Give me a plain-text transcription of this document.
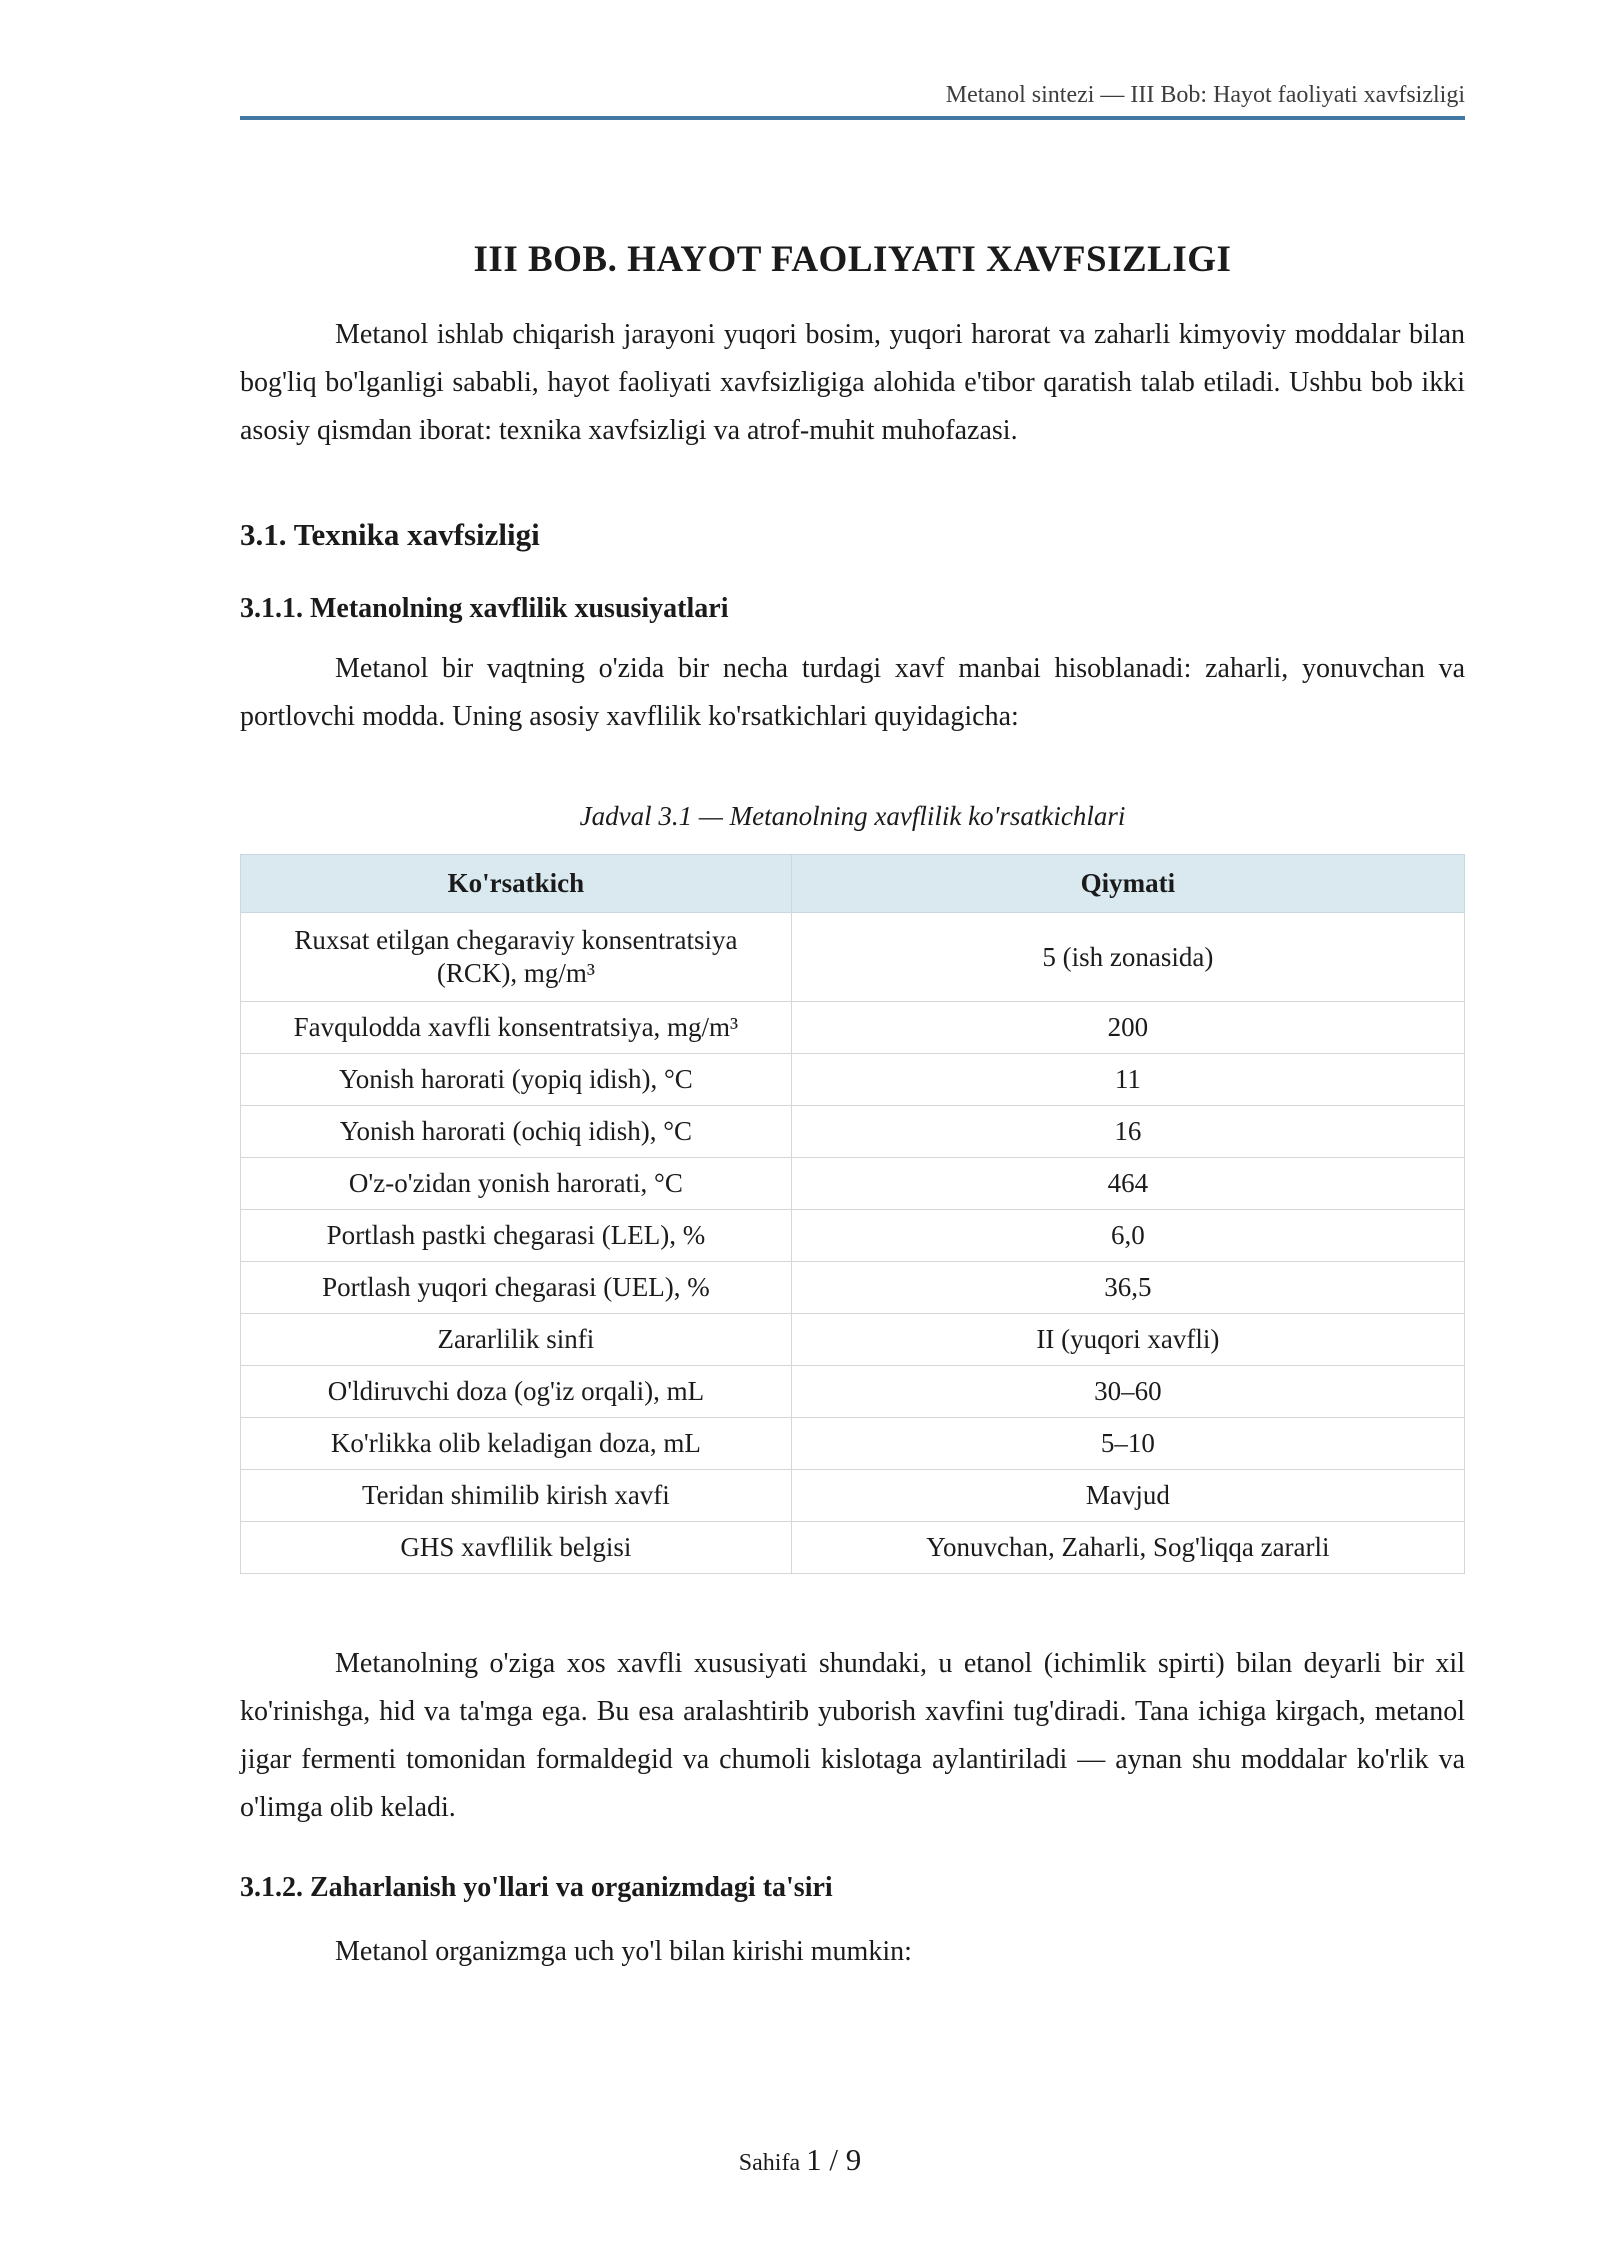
Metanol sintezi — III Bob: Hayot faoliyati xavfsizligi
III BOB. HAYOT FAOLIYATI XAVFSIZLIGI

Metanol ishlab chiqarish jarayoni yuqori bosim, yuqori harorat va zaharli kimyoviy moddalar bilan bog'liq bo'lganligi sababli, hayot faoliyati xavfsizligiga alohida e'tibor qaratish talab etiladi. Ushbu bob ikki asosiy qismdan iborat: texnika xavfsizligi va atrof-muhit muhofazasi.

3.1. Texnika xavfsizligi
3.1.1. Metanolning xavflilik xususiyatlari

Metanol bir vaqtning o'zida bir necha turdagi xavf manbai hisoblanadi: zaharli, yonuvchan va portlovchi modda. Uning asosiy xavflilik ko'rsatkichlari quyidagicha:

Jadval 3.1 — Metanolning xavflilik ko'rsatkichlari
Ko'rsatkich	Qiymati
Ruxsat etilgan chegaraviy konsentratsiya (RCK), mg/m³	5 (ish zonasida)
Favqulodda xavfli konsentratsiya, mg/m³	200
Yonish harorati (yopiq idish), °C	11
Yonish harorati (ochiq idish), °C	16
O'z-o'zidan yonish harorati, °C	464
Portlash pastki chegarasi (LEL), %	6,0
Portlash yuqori chegarasi (UEL), %	36,5
Zararlilik sinfi	II (yuqori xavfli)
O'ldiruvchi doza (og'iz orqali), mL	30–60
Ko'rlikka olib keladigan doza, mL	5–10
Teridan shimilib kirish xavfi	Mavjud
GHS xavflilik belgisi	Yonuvchan, Zaharli, Sog'liqqa zararli

Metanolning o'ziga xos xavfli xususiyati shundaki, u etanol (ichimlik spirti) bilan deyarli bir xil ko'rinishga, hid va ta'mga ega. Bu esa aralashtirib yuborish xavfini tug'diradi. Tana ichiga kirgach, metanol jigar fermenti tomonidan formaldegid va chumoli kislotaga aylantiriladi — aynan shu moddalar ko'rlik va o'limga olib keladi.

3.1.2. Zaharlanish yo'llari va organizmdagi ta'siri

Metanol organizmga uch yo'l bilan kirishi mumkin:

Sahifa 1 / 9
